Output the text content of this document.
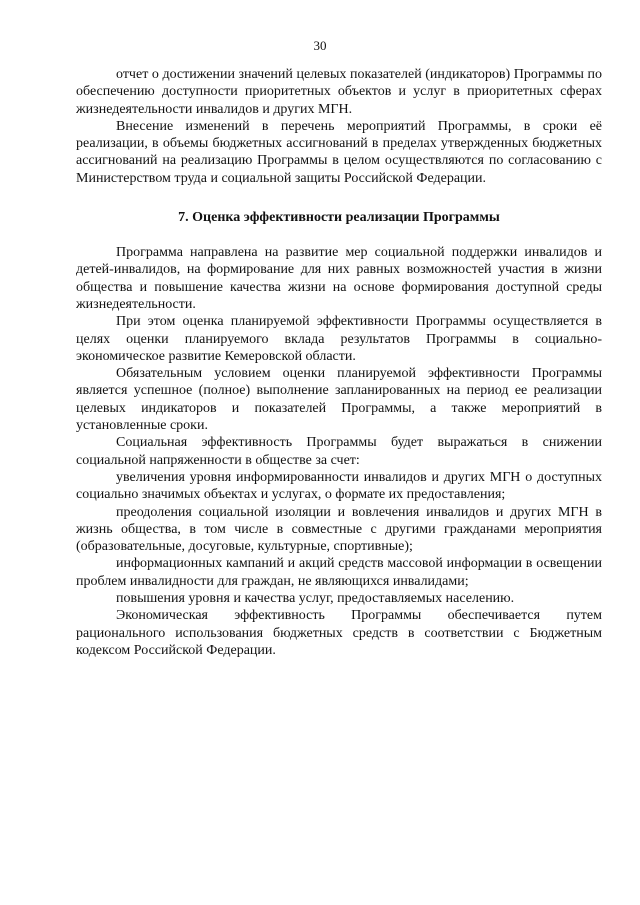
30

отчет о достижении значений целевых показателей (индикаторов) Программы по обеспечению доступности приоритетных объектов и услуг в приоритетных сферах жизнедеятельности инвалидов и других МГН.

Внесение изменений в перечень мероприятий Программы, в сроки её реализации, в объемы бюджетных ассигнований в пределах утвержденных бюджетных ассигнований на реализацию Программы в целом осуществляются по согласованию с Министерством труда и социальной защиты Российской Федерации.

7. Оценка эффективности реализации Программы

Программа направлена на развитие мер социальной поддержки инвалидов и детей-инвалидов, на формирование для них равных возможностей участия в жизни общества и повышение качества жизни на основе формирования доступной среды жизнедеятельности.

При этом оценка планируемой эффективности Программы осуществляется в целях оценки планируемого вклада результатов Программы в социально-экономическое развитие Кемеровской области.

Обязательным условием оценки планируемой эффективности Программы является успешное (полное) выполнение запланированных на период ее реализации целевых индикаторов и показателей Программы, а также мероприятий в установленные сроки.

Социальная эффективность Программы будет выражаться в снижении социальной напряженности в обществе за счет:

увеличения уровня информированности инвалидов и других МГН о доступных социально значимых объектах и услугах, о формате их предоставления;

преодоления социальной изоляции и вовлечения инвалидов и других МГН в жизнь общества, в том числе в совместные с другими гражданами мероприятия (образовательные, досуговые, культурные, спортивные);

информационных кампаний и акций средств массовой информации в освещении проблем инвалидности для граждан, не являющихся инвалидами;

повышения уровня и качества услуг, предоставляемых населению.

Экономическая эффективность Программы обеспечивается путем рационального использования бюджетных средств в соответствии с Бюджетным кодексом Российской Федерации.
